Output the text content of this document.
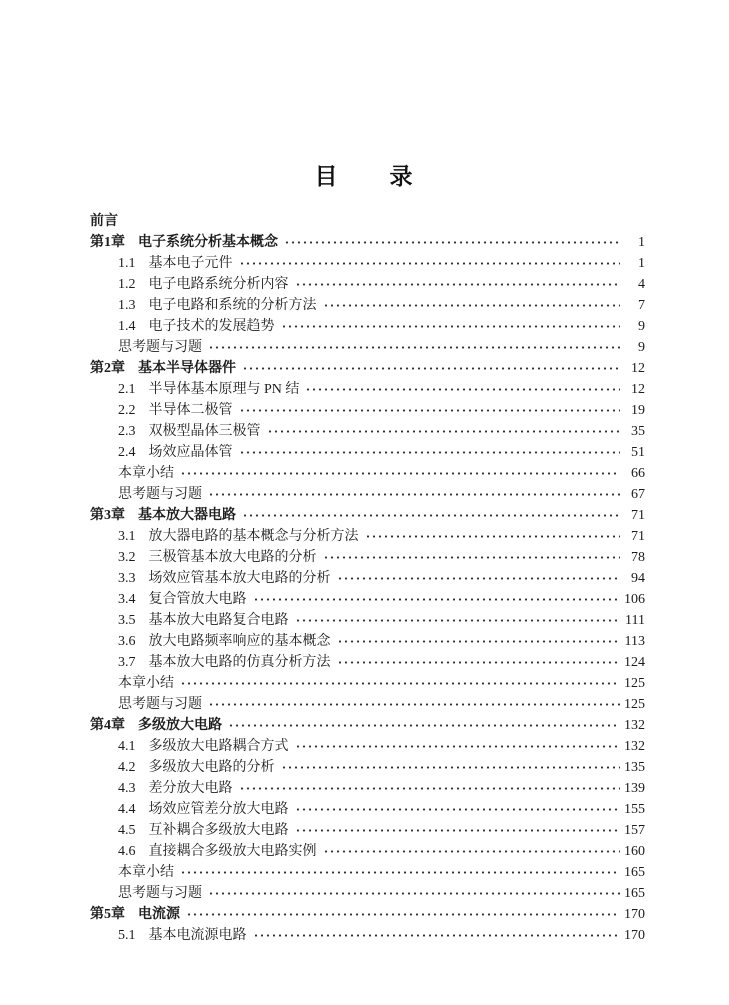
目　　录
前言
第1章 电子系统分析基本概念	1
1.1 基本电子元件	1
1.2 电子电路系统分析内容	4
1.3 电子电路和系统的分析方法	7
1.4 电子技术的发展趋势	9
思考题与习题	9
第2章 基本半导体器件	12
2.1 半导体基本原理与 PN 结	12
2.2 半导体二极管	19
2.3 双极型晶体三极管	35
2.4 场效应晶体管	51
本章小结	66
思考题与习题	67
第3章 基本放大器电路	71
3.1 放大器电路的基本概念与分析方法	71
3.2 三极管基本放大电路的分析	78
3.3 场效应管基本放大电路的分析	94
3.4 复合管放大电路	106
3.5 基本放大电路复合电路	111
3.6 放大电路频率响应的基本概念	113
3.7 基本放大电路的仿真分析方法	124
本章小结	125
思考题与习题	125
第4章 多级放大电路	132
4.1 多级放大电路耦合方式	132
4.2 多级放大电路的分析	135
4.3 差分放大电路	139
4.4 场效应管差分放大电路	155
4.5 互补耦合多级放大电路	157
4.6 直接耦合多级放大电路实例	160
本章小结	165
思考题与习题	165
第5章 电流源	170
5.1 基本电流源电路	170
